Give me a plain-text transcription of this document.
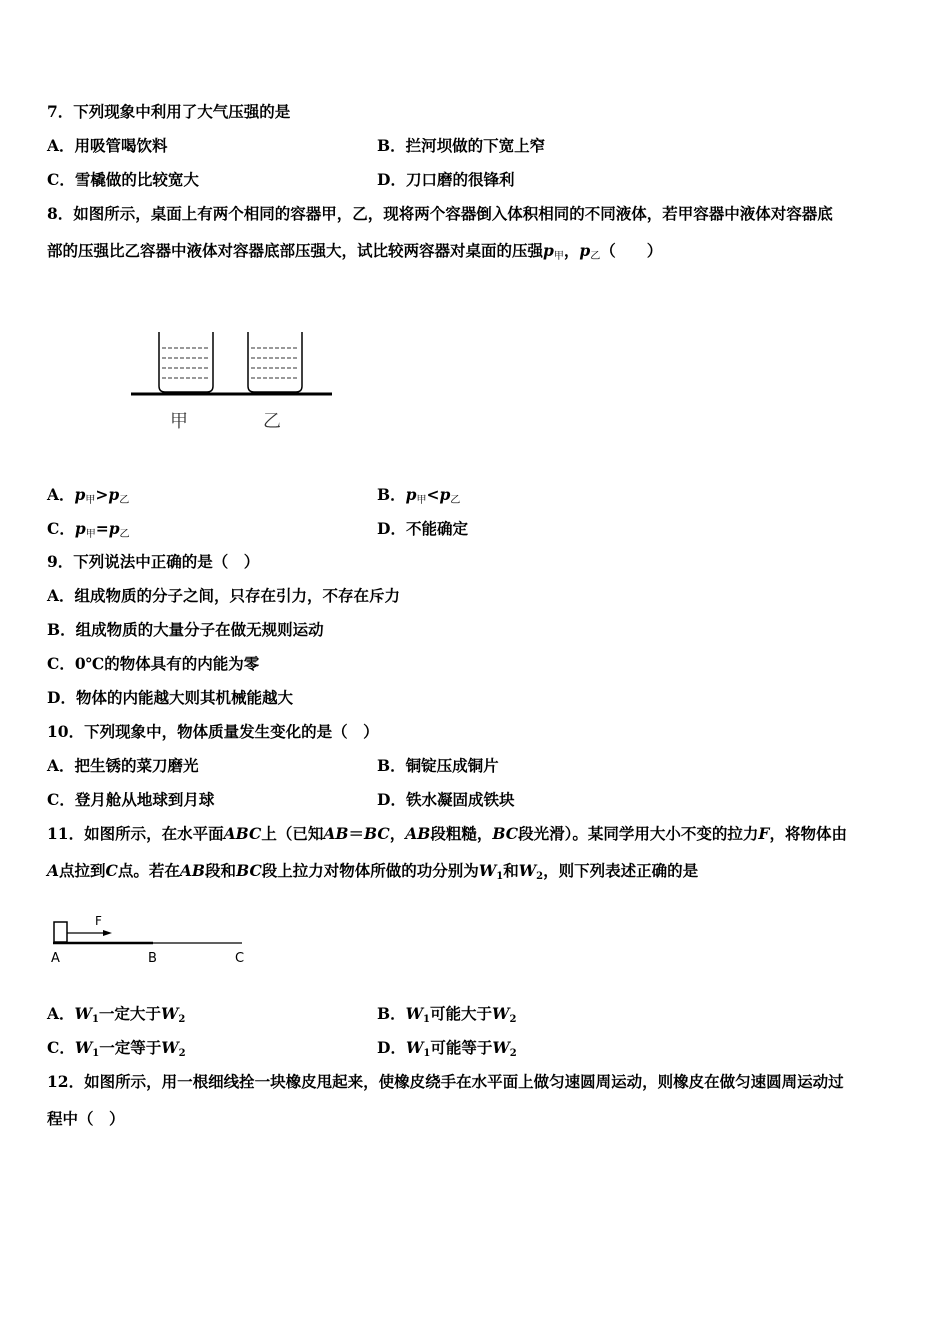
7．下列现象中利用了大气压强的是
A．用吸管喝饮料	B．拦河坝做的下宽上窄
C．雪橇做的比较宽大	D．刀口磨的很锋利
8．如图所示，桌面上有两个相同的容器甲，乙，现将两个容器倒入体积相同的不同液体，若甲容器中液体对容器底
部的压强比乙容器中液体对容器底部压强大，试比较两容器对桌面的压强$p_甲$，$p_乙$（　　）
甲	乙
A．$p_甲>p_乙$	B．$p_甲<p_乙$
C．$p_甲=p_乙$	D．不能确定
9．下列说法中正确的是（　）
A．组成物质的分子之间，只存在引力，不存在斥力
B．组成物质的大量分子在做无规则运动
C．0℃的物体具有的内能为零
D．物体的内能越大则其机械能越大
10．下列现象中，物体质量发生变化的是（　）
A．把生锈的菜刀磨光	B．铜锭压成铜片
C．登月舱从地球到月球	D．铁水凝固成铁块
11．如图所示，在水平面ABC上（已知AB＝BC，AB段粗糙，BC段光滑）。某同学用大小不变的拉力F，将物体由
A点拉到C点。若在AB段和BC段上拉力对物体所做的功分别为W1和W2，则下列表述正确的是
F
A	B	C
A．W1一定大于W2	B．W1可能大于W2
C．W1一定等于W2	D．W1可能等于W2
12．如图所示，用一根细线拴一块橡皮甩起来，使橡皮绕手在水平面上做匀速圆周运动，则橡皮在做匀速圆周运动过
程中（　）
